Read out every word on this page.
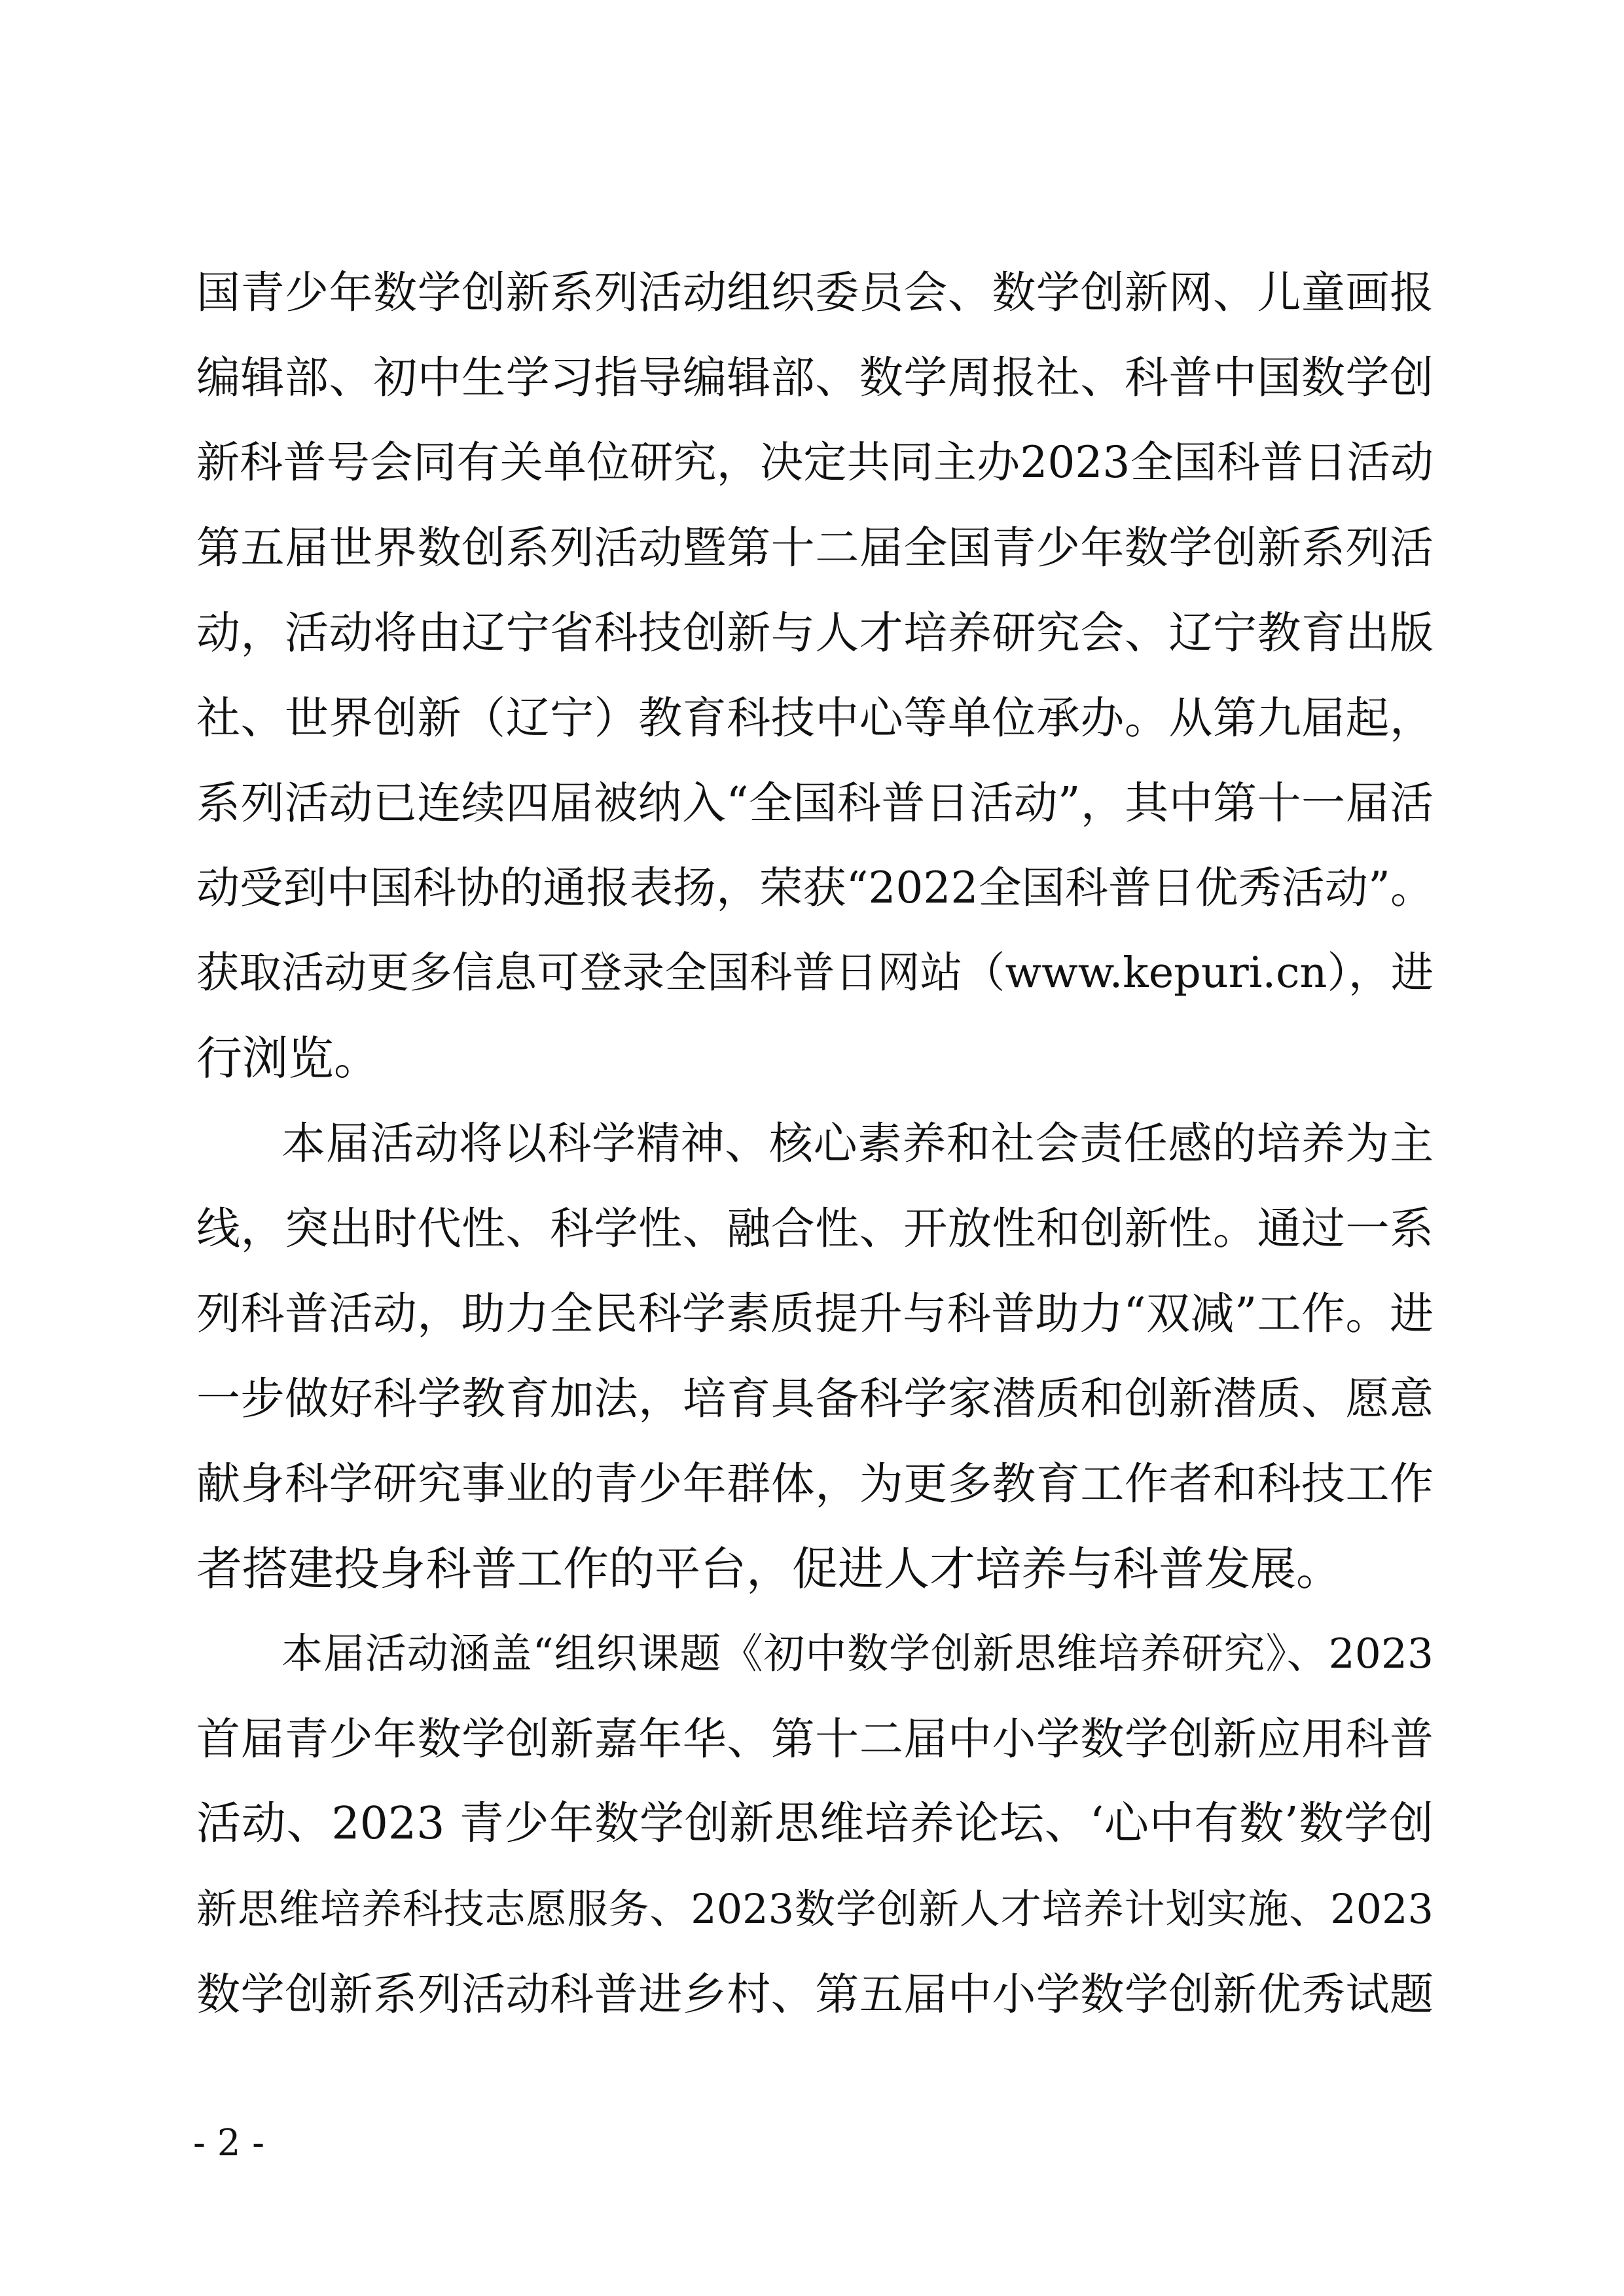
国青少年数学创新系列活动组织委员会、数学创新网、儿童画报
编辑部、初中生学习指导编辑部、数学周报社、科普中国数学创
新科普号会同有关单位研究，决定共同主办2023全国科普日活动
第五届世界数创系列活动暨第十二届全国青少年数学创新系列活
动，活动将由辽宁省科技创新与人才培养研究会、辽宁教育出版
社、世界创新（辽宁）教育科技中心等单位承办。从第九届起，
系列活动已连续四届被纳入“全国科普日活动”，其中第十一届活
动受到中国科协的通报表扬，荣获“2022全国科普日优秀活动”。
获取活动更多信息可登录全国科普日网站（www.kepuri.cn），进
行浏览。
本届活动将以科学精神、核心素养和社会责任感的培养为主
线，突出时代性、科学性、融合性、开放性和创新性。通过一系
列科普活动，助力全民科学素质提升与科普助力“双减”工作。进
一步做好科学教育加法，培育具备科学家潜质和创新潜质、愿意
献身科学研究事业的青少年群体，为更多教育工作者和科技工作
者搭建投身科普工作的平台，促进人才培养与科普发展。
本届活动涵盖“组织课题《初中数学创新思维培养研究》、2023
首届青少年数学创新嘉年华、第十二届中小学数学创新应用科普
活动、2023 青少年数学创新思维培养论坛、‘心中有数’数学创
新思维培养科技志愿服务、2023数学创新人才培养计划实施、2023
数学创新系列活动科普进乡村、第五届中小学数学创新优秀试题
- 2 -
